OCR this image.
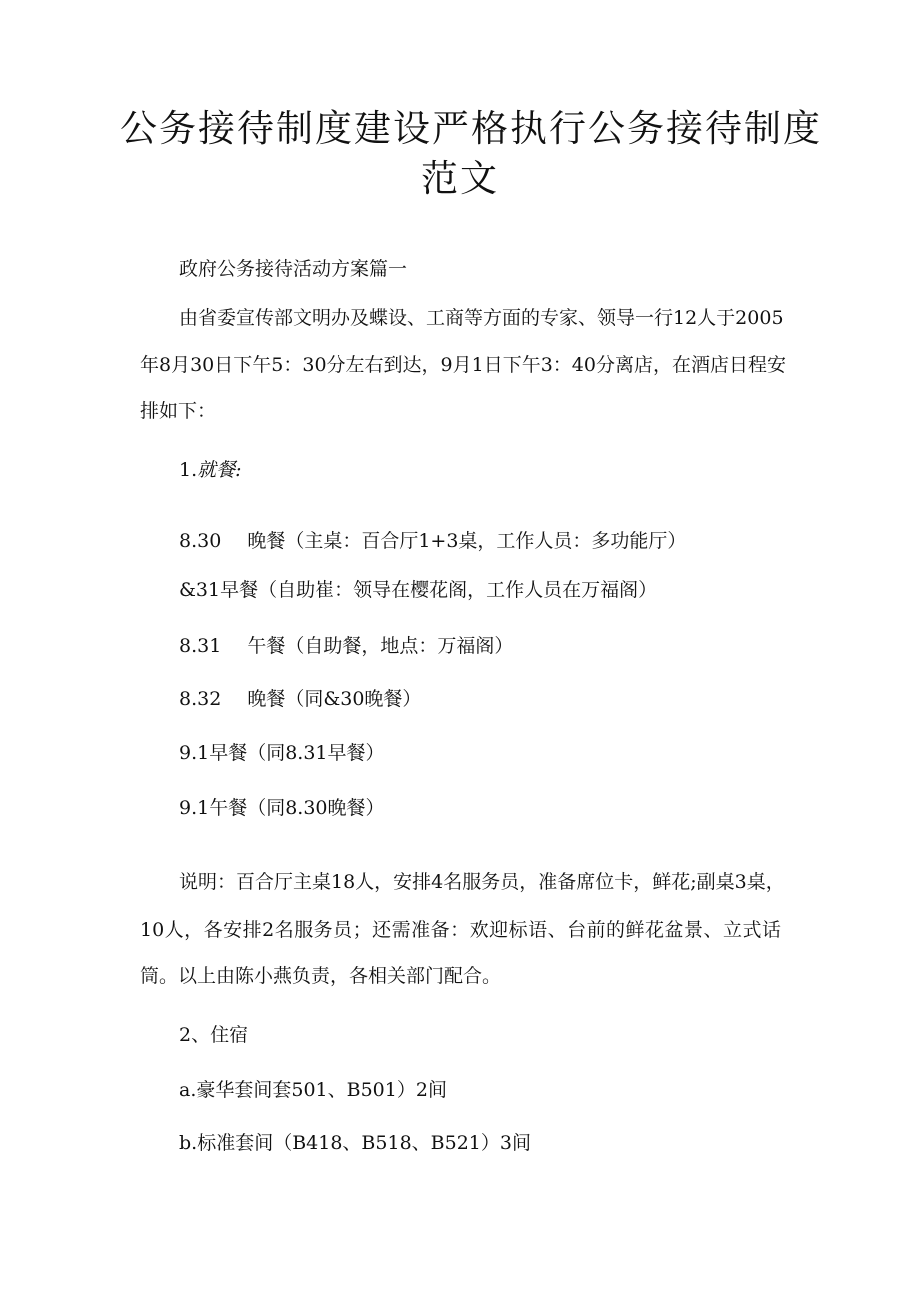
公务接待制度建设严格执行公务接待制度
范文

政府公务接待活动方案篇一

由省委宣传部文明办及蝶设、工商等方面的专家、领导一行12人于2005

年8月30日下午5：30分左右到达，9月1日下午3：40分离店，在酒店日程安

排如下：

1.就餐:

8.30 晚餐（主桌：百合厅1+3桌，工作人员：多功能厅）

&31早餐（自助崔：领导在樱花阁，工作人员在万福阁）

8.31 午餐（自助餐，地点：万福阁）

8.32 晚餐（同&30晚餐）

9.1早餐（同8.31早餐）

9.1午餐（同8.30晚餐）

说明：百合厅主桌18人，安排4名服务员，准备席位卡，鲜花;副桌3桌，

10人，各安排2名服务员；还需准备：欢迎标语、台前的鲜花盆景、立式话

筒。以上由陈小燕负责，各相关部门配合。

2、住宿

a.豪华套间套501、B501）2间

b.标准套间（B418、B518、B521）3间
